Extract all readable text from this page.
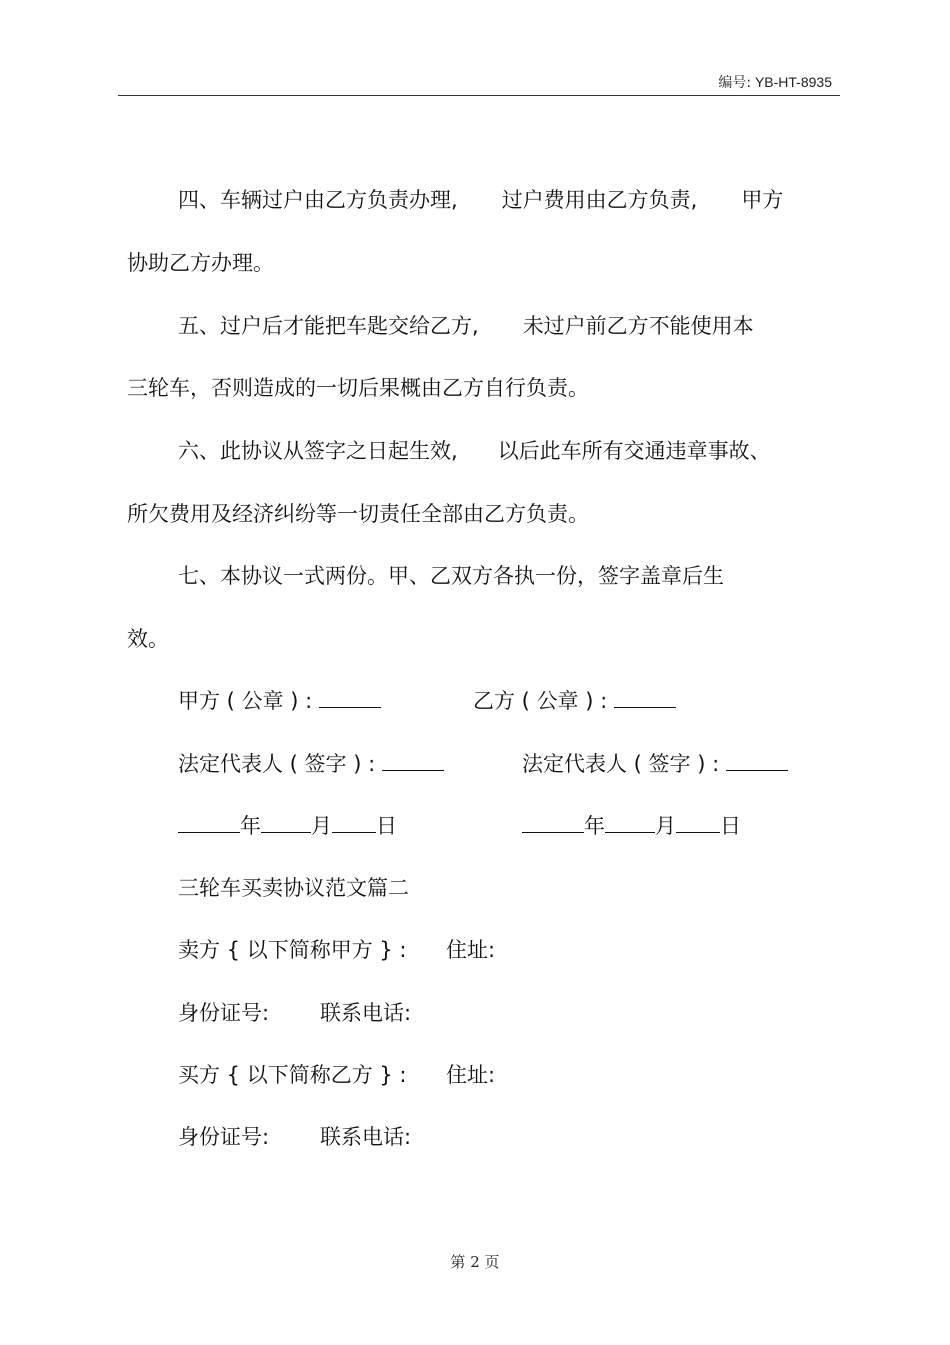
编号: YB-HT-8935
四、车辆过户由乙方负责办理, 过户费用由乙方负责, 甲方
协助乙方办理。
五、过户后才能把车匙交给乙方, 未过户前乙方不能使用本
三轮车，否则造成的一切后果概由乙方自行负责。
六、此协议从签字之日起生效, 以后此车所有交通违章事故、
所欠费用及经济纠纷等一切责任全部由乙方负责。
七、本协议一式两份。甲、乙双方各执一份，签字盖章后生
效。
甲方 ( 公章 ) :	乙方 ( 公章 ) :
法定代表人 ( 签字 ) :	法定代表人 ( 签字 ) :
年 月 日	年 月 日
三轮车买卖协议范文篇二
卖方 { 以下简称甲方 } : 住址:
身份证号: 联系电话:
买方 { 以下简称乙方 } : 住址:
身份证号: 联系电话:
第 2 页
